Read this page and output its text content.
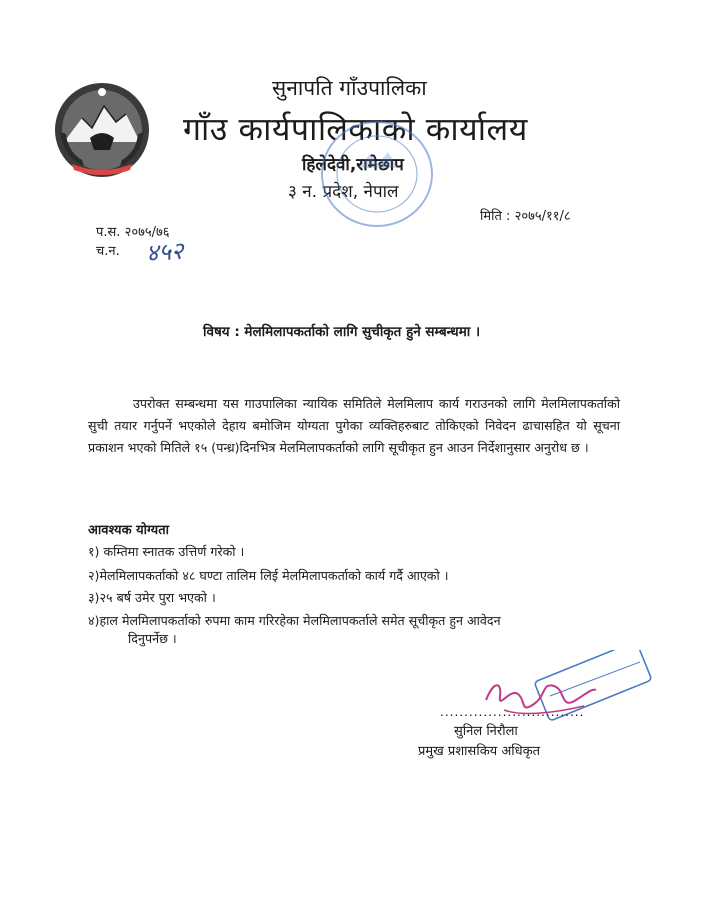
सुनापति गाँउपालिका
गाँउ कार्यपालिकाको कार्यालय
हिलेदेवी,रामेछाप
३ न. प्रदेश, नेपाल
मिति : २०७५/११/८
प.स. २०७५/७६
च.न. ४५२
विषय : मेलमिलापकर्ताको लागि सुचीकृत हुने सम्बन्धमा ।
उपरोक्त सम्बन्धमा यस गाउपालिका न्यायिक समितिले मेलमिलाप कार्य गराउनको लागि मेलमिलापकर्ताको सुची तयार गर्नुपर्ने भएकोले देहाय बमोजिम योग्यता पुगेका व्यक्तिहरुबाट तोकिएको निवेदन ढाचासहित यो सूचना प्रकाशन भएको मितिले १५ (पन्ध्र)दिनभित्र मेलमिलापकर्ताको लागि सूचीकृत हुन आउन निर्देशानुसार अनुरोध छ ।
आवश्यक योग्यता
१) कम्तिमा स्नातक उत्तिर्ण गरेको ।
२)मेलमिलापकर्ताको ४८ घण्टा तालिम लिई मेलमिलापकर्ताको कार्य गर्दै आएको ।
३)२५ बर्ष उमेर पुरा भएको ।
४)हाल मेलमिलापकर्ताको रुपमा काम गरिरहेका मेलमिलापकर्ताले समेत सूचीकृत हुन आवेदन
दिनुपर्नेछ ।
..............................
सुनिल निरौला
प्रमुख प्रशासकिय अधिकृत
